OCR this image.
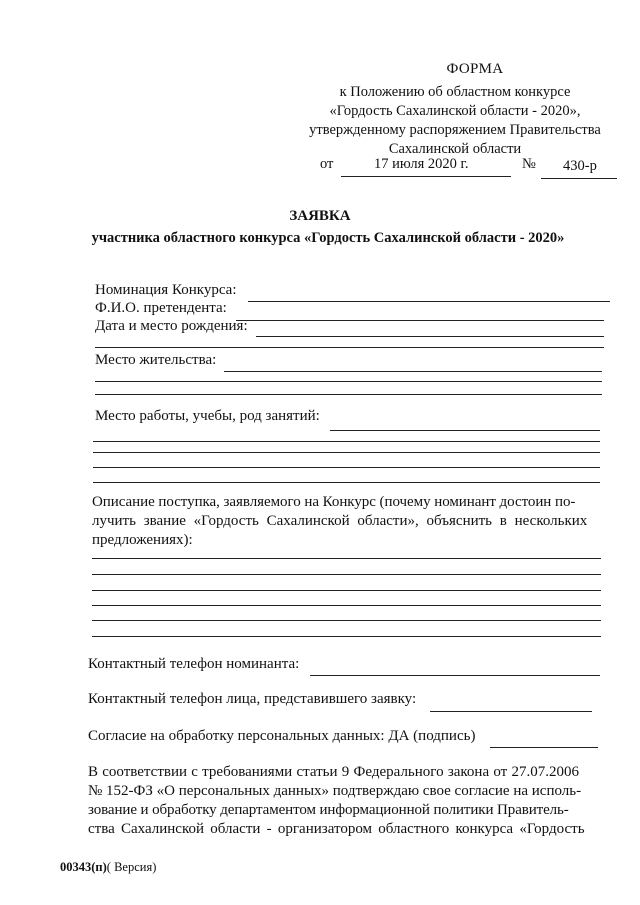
ФОРМА
к Положению об областном конкурсе
«Гордость Сахалинской области - 2020»,
утвержденному распоряжением Правительства
Сахалинской области
от	17 июля 2020 г.	№ 430-р
ЗАЯВКА
участника областного конкурса «Гордость Сахалинской области - 2020»
Номинация Конкурса:
Ф.И.О. претендента:
Дата и место рождения:
Место жительства:
Место работы, учебы, род занятий:
Описание поступка, заявляемого на Конкурс (почему номинант достоин по-
лучить звание «Гордость Сахалинской области», объяснить в нескольких
предложениях):
Контактный телефон номинанта:
Контактный телефон лица, представившего заявку:
Согласие на обработку персональных данных: ДА (подпись)
В соответствии с требованиями статьи 9 Федерального закона от 27.07.2006
№ 152-ФЗ «О персональных данных» подтверждаю свое согласие на исполь-
зование и обработку департаментом информационной политики Правитель-
ства Сахалинской области - организатором областного конкурса «Гордость
00343(п)( Версия)
